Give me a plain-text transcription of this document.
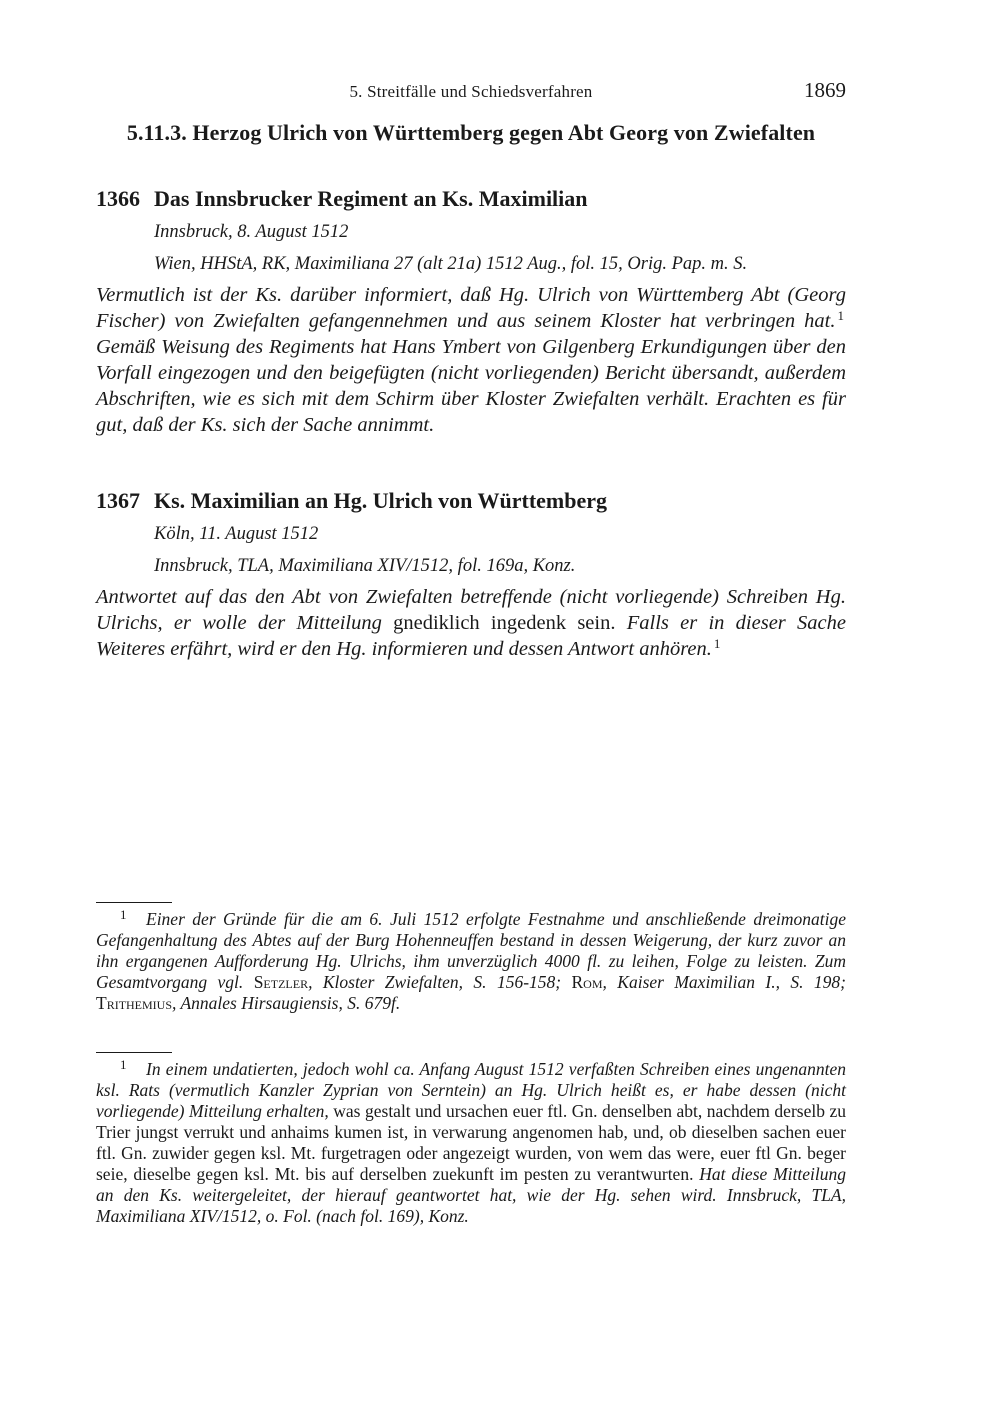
5. Streitfälle und Schiedsverfahren	1869
5.11.3. Herzog Ulrich von Württemberg gegen Abt Georg von Zwiefalten
1366 Das Innsbrucker Regiment an Ks. Maximilian
Innsbruck, 8. August 1512
Wien, HHStA, RK, Maximiliana 27 (alt 21a) 1512 Aug., fol. 15, Orig. Pap. m. S.
Vermutlich ist der Ks. darüber informiert, daß Hg. Ulrich von Württemberg Abt (Georg Fischer) von Zwiefalten gefangennehmen und aus seinem Kloster hat verbringen hat. $^1$ Gemäß Weisung des Regiments hat Hans Ymbert von Gilgenberg Erkundigungen über den Vorfall eingezogen und den beigefügten (nicht vorliegenden) Bericht übersandt, außerdem Abschriften, wie es sich mit dem Schirm über Kloster Zwiefalten verhält. Erachten es für gut, daß der Ks. sich der Sache annimmt.
1367 Ks. Maximilian an Hg. Ulrich von Württemberg
Köln, 11. August 1512
Innsbruck, TLA, Maximiliana XIV/1512, fol. 169a, Konz.
Antwortet auf das den Abt von Zwiefalten betreffende (nicht vorliegende) Schreiben Hg. Ulrichs, er wolle der Mitteilung gnediklich ingedenk sein. Falls er in dieser Sache Weiteres erfährt, wird er den Hg. informieren und dessen Antwort anhören. $^1$
1 Einer der Gründe für die am 6. Juli 1512 erfolgte Festnahme und anschließende dreimonatige Gefangenhaltung des Abtes auf der Burg Hohenneuffen bestand in dessen Weigerung, der kurz zuvor an ihn ergangenen Aufforderung Hg. Ulrichs, ihm unverzüglich 4000 fl. zu leihen, Folge zu leisten. Zum Gesamtvorgang vgl. Setzler, Kloster Zwiefalten, S. 156-158; Rom, Kaiser Maximilian I., S. 198; Trithemius, Annales Hirsaugiensis, S. 679f.
1 In einem undatierten, jedoch wohl ca. Anfang August 1512 verfaßten Schreiben eines ungenannten ksl. Rats (vermutlich Kanzler Zyprian von Serntein) an Hg. Ulrich heißt es, er habe dessen (nicht vorliegende) Mitteilung erhalten, was gestalt und ursachen euer ftl. Gn. denselben abt, nachdem derselb zu Trier jungst verrukt und anhaims kumen ist, in verwarung angenomen hab, und, ob dieselben sachen euer ftl. Gn. zuwider gegen ksl. Mt. furgetragen oder angezeigt wurden, von wem das were, euer ftl Gn. beger seie, dieselbe gegen ksl. Mt. bis auf derselben zuekunft im pesten zu verantwurten. Hat diese Mitteilung an den Ks. weitergeleitet, der hierauf geantwortet hat, wie der Hg. sehen wird. Innsbruck, TLA, Maximiliana XIV/1512, o. Fol. (nach fol. 169), Konz.
